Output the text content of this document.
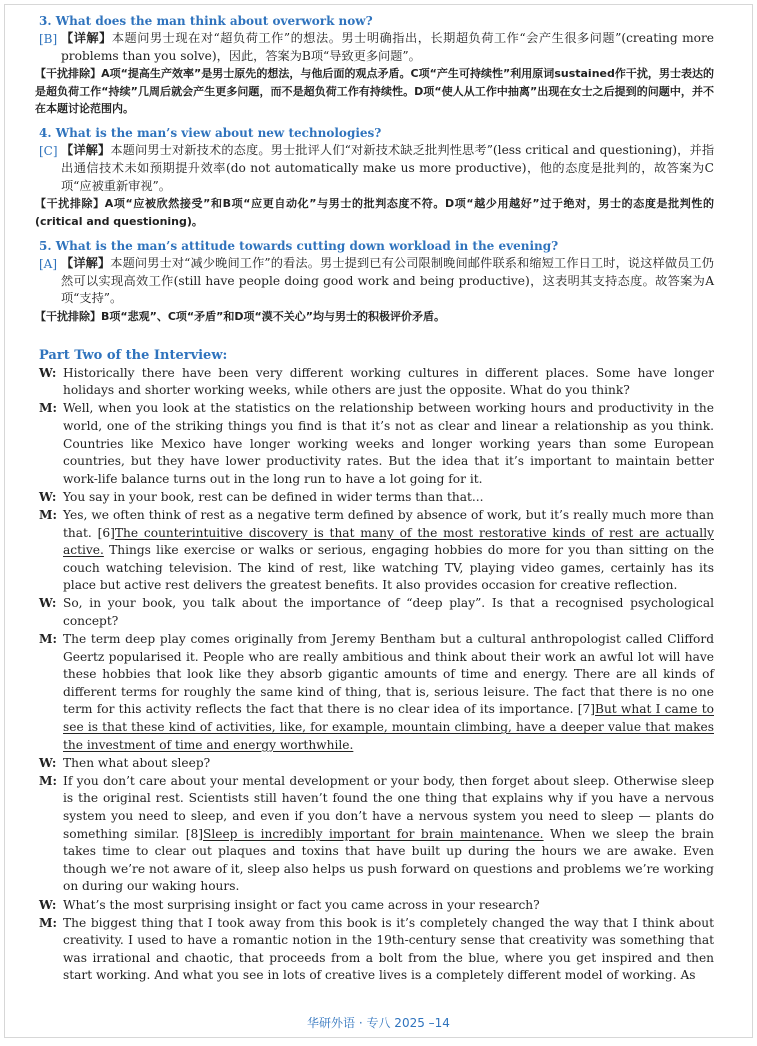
3. What does the man think about overwork now?
[B] 【详解】本题问男士现在对“超负荷工作”的想法。男士明确指出，长期超负荷工作“会产生很多问题”(creating more problems than you solve)，因此，答案为B项“导致更多问题”。
【干扰排除】A项“提高生产效率”是男士原先的想法，与他后面的观点矛盾。C项“产生可持续性”利用原词sustained作干扰，男士表达的是超负荷工作“持续”几周后就会产生更多问题，而不是超负荷工作有持续性。D项“使人从工作中抽离”出现在女士之后提到的问题中，并不在本题讨论范围内。
4. What is the man’s view about new technologies?
[C] 【详解】本题问男士对新技术的态度。男士批评人们“对新技术缺乏批判性思考”(less critical and questioning)，并指出通信技术未如预期提升效率(do not automatically make us more productive)，他的态度是批判的，故答案为C项“应被重新审视”。
【干扰排除】A项“应被欣然接受”和B项“应更自动化”与男士的批判态度不符。D项“越少用越好”过于绝对，男士的态度是批判性的(critical and questioning)。
5. What is the man’s attitude towards cutting down workload in the evening?
[A] 【详解】本题问男士对“减少晚间工作”的看法。男士提到已有公司限制晚间邮件联系和缩短工作日工时，说这样做员工仍然可以实现高效工作(still have people doing good work and being productive)，这表明其支持态度。故答案为A项“支持”。
【干扰排除】B项“悲观”、C项“矛盾”和D项“漠不关心”均与男士的积极评价矛盾。
Part Two of the Interview:
W: Historically there have been very different working cultures in different places. Some have longer holidays and shorter working weeks, while others are just the opposite. What do you think?
M: Well, when you look at the statistics on the relationship between working hours and productivity in the world, one of the striking things you find is that it’s not as clear and linear a relationship as you think. Countries like Mexico have longer working weeks and longer working years than some European countries, but they have lower productivity rates. But the idea that it’s important to maintain better work-life balance turns out in the long run to have a lot going for it.
W: You say in your book, rest can be defined in wider terms than that...
M: Yes, we often think of rest as a negative term defined by absence of work, but it’s really much more than that. [6]The counterintuitive discovery is that many of the most restorative kinds of rest are actually active. Things like exercise or walks or serious, engaging hobbies do more for you than sitting on the couch watching television. The kind of rest, like watching TV, playing video games, certainly has its place but active rest delivers the greatest benefits. It also provides occasion for creative reflection.
W: So, in your book, you talk about the importance of “deep play”. Is that a recognised psychological concept?
M: The term deep play comes originally from Jeremy Bentham but a cultural anthropologist called Clifford Geertz popularised it. People who are really ambitious and think about their work an awful lot will have these hobbies that look like they absorb gigantic amounts of time and energy. There are all kinds of different terms for roughly the same kind of thing, that is, serious leisure. The fact that there is no one term for this activity reflects the fact that there is no clear idea of its importance. [7]But what I came to see is that these kind of activities, like, for example, mountain climbing, have a deeper value that makes the investment of time and energy worthwhile.
W: Then what about sleep?
M: If you don’t care about your mental development or your body, then forget about sleep. Otherwise sleep is the original rest. Scientists still haven’t found the one thing that explains why if you have a nervous system you need to sleep, and even if you don’t have a nervous system you need to sleep — plants do something similar. [8]Sleep is incredibly important for brain maintenance. When we sleep the brain takes time to clear out plaques and toxins that have built up during the hours we are awake. Even though we’re not aware of it, sleep also helps us push forward on questions and problems we’re working on during our waking hours.
W: What’s the most surprising insight or fact you came across in your research?
M: The biggest thing that I took away from this book is it’s completely changed the way that I think about creativity. I used to have a romantic notion in the 19th-century sense that creativity was something that was irrational and chaotic, that proceeds from a bolt from the blue, where you get inspired and then start working. And what you see in lots of creative lives is a completely different model of working. As
华研外语 · 专八 2025 –14
